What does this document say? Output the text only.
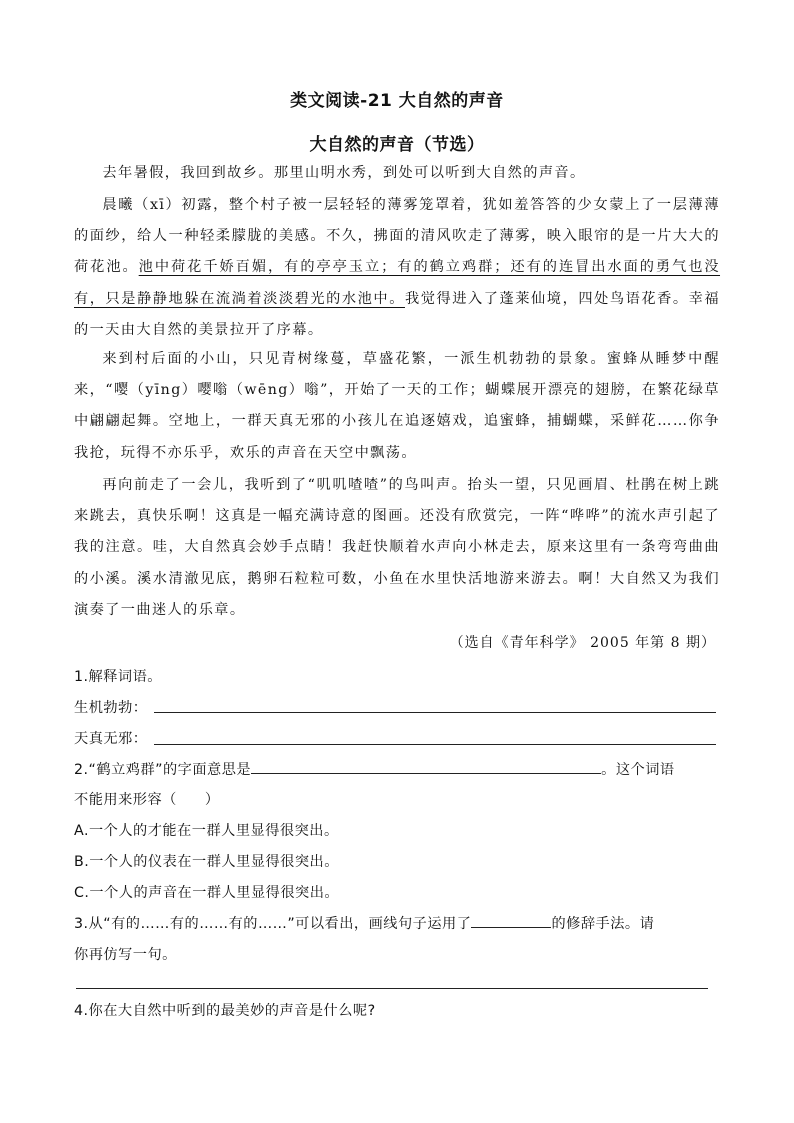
类文阅读-21 大自然的声音
大自然的声音（节选）

去年暑假，我回到故乡。那里山明水秀，到处可以听到大自然的声音。

晨曦（xī）初露，整个村子被一层轻轻的薄雾笼罩着，犹如羞答答的少女蒙上了一层薄薄的面纱，给人一种轻柔朦胧的美感。不久，拂面的清风吹走了薄雾，映入眼帘的是一片大大的荷花池。池中荷花千娇百媚，有的亭亭玉立；有的鹤立鸡群；还有的连冒出水面的勇气也没有，只是静静地躲在流淌着淡淡碧光的水池中。我觉得进入了蓬莱仙境，四处鸟语花香。幸福的一天由大自然的美景拉开了序幕。

来到村后面的小山，只见青树缘蔓，草盛花繁，一派生机勃勃的景象。蜜蜂从睡梦中醒来，“嘤（yīng）嘤嗡（wēng）嗡”，开始了一天的工作；蝴蝶展开漂亮的翅膀，在繁花绿草中翩翩起舞。空地上，一群天真无邪的小孩儿在追逐嬉戏，追蜜蜂，捕蝴蝶，采鲜花……你争我抢，玩得不亦乐乎，欢乐的声音在天空中飘荡。

再向前走了一会儿，我听到了“叽叽喳喳”的鸟叫声。抬头一望，只见画眉、杜鹃在树上跳来跳去，真快乐啊！这真是一幅充满诗意的图画。还没有欣赏完，一阵“哗哗”的流水声引起了我的注意。哇，大自然真会妙手点睛！我赶快顺着水声向小林走去，原来这里有一条弯弯曲曲的小溪。溪水清澈见底，鹅卵石粒粒可数，小鱼在水里快活地游来游去。啊！大自然又为我们演奏了一曲迷人的乐章。

（选自《青年科学》 2005 年第 8 期）
1.解释词语。
生机勃勃：
天真无邪：
2.“鹤立鸡群”的字面意思是	。这个词语
不能用来形容（ ）
A.一个人的才能在一群人里显得很突出。
B.一个人的仪表在一群人里显得很突出。
C.一个人的声音在一群人里显得很突出。
3.从“有的……有的……有的……”可以看出，画线句子运用了	的修辞手法。请
你再仿写一句。
4.你在大自然中听到的最美妙的声音是什么呢?
